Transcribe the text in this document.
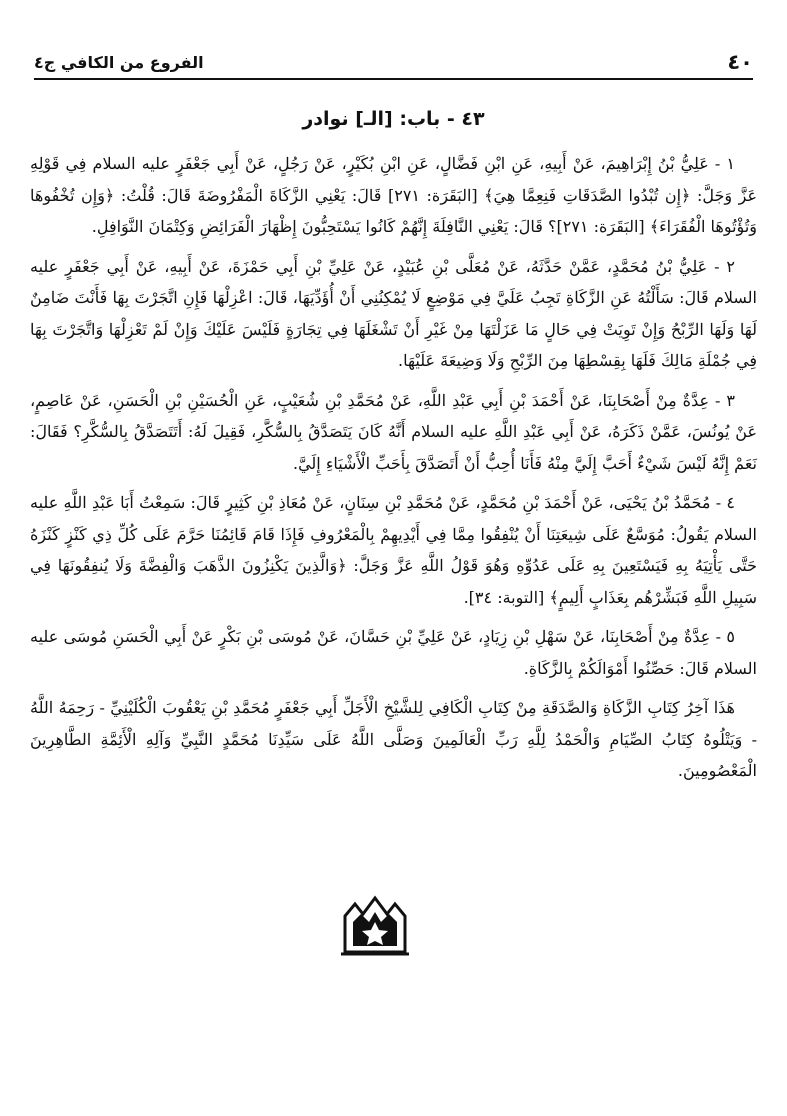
٤٠
الفروع من الكافي ج٤
٤٣ - باب: [الـ] نوادر

١ - عَلِيُّ بْنُ إِبْرَاهِيمَ، عَنْ أَبِيهِ، عَنِ ابْنِ فَضَّالٍ، عَنِ ابْنِ بُكَيْرٍ، عَنْ رَجُلٍ، عَنْ أَبِي جَعْفَرٍ عليه السلام فِي قَوْلِهِ عَزَّ وَجَلَّ: ﴿إِن تُبْدُوا الصَّدَقَاتِ فَنِعِمَّا هِيَ﴾ [البَقَرَة: ٢٧١] قَالَ: يَعْنِي الزَّكَاةَ الْمَفْرُوضَةَ قَالَ: قُلْتُ: ﴿وَإِن تُخْفُوهَا وَتُؤْتُوهَا الْفُقَرَاءَ﴾ [البَقَرَة: ٢٧١]؟ قَالَ: يَعْنِي النَّافِلَةَ إِنَّهُمْ كَانُوا يَسْتَحِبُّونَ إِظْهَارَ الْفَرَائِضِ وَكِتْمَانَ النَّوَافِلِ.

٢ - عَلِيُّ بْنُ مُحَمَّدٍ، عَمَّنْ حَدَّثَهُ، عَنْ مُعَلَّى بْنِ عُبَيْدٍ، عَنْ عَلِيِّ بْنِ أَبِي حَمْزَةَ، عَنْ أَبِيهِ، عَنْ أَبِي جَعْفَرٍ عليه السلام قَالَ: سَأَلْتُهُ عَنِ الزَّكَاةِ تَجِبُ عَلَيَّ فِي مَوْضِعٍ لَا يُمْكِنُنِي أَنْ أُؤَدِّيَهَا، قَالَ: اعْزِلْهَا فَإِنِ اتَّجَرْتَ بِهَا فَأَنْتَ ضَامِنٌ لَهَا وَلَهَا الرِّبْحُ وَإِنْ تَوِيَتْ فِي حَالٍ مَا عَزَلْتَهَا مِنْ غَيْرِ أَنْ تَشْغَلَهَا فِي تِجَارَةٍ فَلَيْسَ عَلَيْكَ وَإِنْ لَمْ تَعْزِلْهَا وَاتَّجَرْتَ بِهَا فِي جُمْلَةِ مَالِكَ فَلَهَا بِقِسْطِهَا مِنَ الرِّبْحِ وَلَا وَضِيعَةَ عَلَيْهَا.

٣ - عِدَّةٌ مِنْ أَصْحَابِنَا، عَنْ أَحْمَدَ بْنِ أَبِي عَبْدِ اللَّهِ، عَنْ مُحَمَّدِ بْنِ شُعَيْبٍ، عَنِ الْحُسَيْنِ بْنِ الْحَسَنِ، عَنْ عَاصِمٍ، عَنْ يُونُسَ، عَمَّنْ ذَكَرَهُ، عَنْ أَبِي عَبْدِ اللَّهِ عليه السلام أَنَّهُ كَانَ يَتَصَدَّقُ بِالسُّكَّرِ، فَقِيلَ لَهُ: أَتَتَصَدَّقُ بِالسُّكَّرِ؟ فَقَالَ: نَعَمْ إِنَّهُ لَيْسَ شَيْءٌ أَحَبَّ إِلَيَّ مِنْهُ فَأَنَا أُحِبُّ أَنْ أَتَصَدَّقَ بِأَحَبِّ الْأَشْيَاءِ إِلَيَّ.

٤ - مُحَمَّدُ بْنُ يَحْيَى، عَنْ أَحْمَدَ بْنِ مُحَمَّدٍ، عَنْ مُحَمَّدِ بْنِ سِنَانٍ، عَنْ مُعَاذِ بْنِ كَثِيرٍ قَالَ: سَمِعْتُ أَبَا عَبْدِ اللَّهِ عليه السلام يَقُولُ: مُوَسَّعٌ عَلَى شِيعَتِنَا أَنْ يُنْفِقُوا مِمَّا فِي أَيْدِيهِمْ بِالْمَعْرُوفِ فَإِذَا قَامَ قَائِمُنَا حَرَّمَ عَلَى كُلِّ ذِي كَنْزٍ كَنْزَهُ حَتَّى يَأْتِيَهُ بِهِ فَيَسْتَعِينَ بِهِ عَلَى عَدُوِّهِ وَهُوَ قَوْلُ اللَّهِ عَزَّ وَجَلَّ: ﴿وَالَّذِينَ يَكْنِزُونَ الذَّهَبَ وَالْفِضَّةَ وَلَا يُنفِقُونَهَا فِي سَبِيلِ اللَّهِ فَبَشِّرْهُم بِعَذَابٍ أَلِيمٍ﴾ [التوبة: ٣٤].

٥ - عِدَّةٌ مِنْ أَصْحَابِنَا، عَنْ سَهْلِ بْنِ زِيَادٍ، عَنْ عَلِيِّ بْنِ حَسَّانَ، عَنْ مُوسَى بْنِ بَكْرٍ عَنْ أَبِي الْحَسَنِ مُوسَى عليه السلام قَالَ: حَصِّنُوا أَمْوَالَكُمْ بِالزَّكَاةِ.

هَذَا آخِرُ كِتَابِ الزَّكَاةِ وَالصَّدَقَةِ مِنْ كِتَابِ الْكَافِي لِلشَّيْخِ الْأَجَلِّ أَبِي جَعْفَرٍ مُحَمَّدِ بْنِ يَعْقُوبَ الْكُلَيْنِيِّ - رَحِمَهُ اللَّهُ - وَيَتْلُوهُ كِتَابُ الصِّيَامِ وَالْحَمْدُ لِلَّهِ رَبِّ الْعَالَمِينَ وَصَلَّى اللَّهُ عَلَى سَيِّدِنَا مُحَمَّدٍ النَّبِيِّ وَآلِهِ الْأَئِمَّةِ الطَّاهِرِينَ الْمَعْصُومِينَ.
